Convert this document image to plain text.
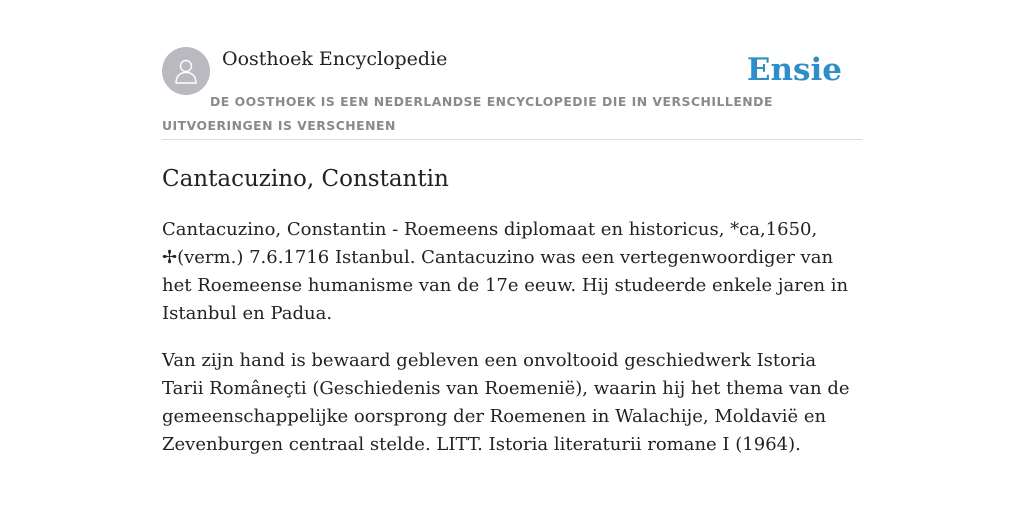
Oosthoek Encyclopedie	Ensie
DE OOSTHOEK IS EEN NEDERLANDSE ENCYCLOPEDIE DIE IN VERSCHILLENDE UITVOERINGEN IS VERSCHENEN
Cantacuzino, Constantin

Cantacuzino, Constantin - Roemeens diplomaat en historicus, *ca,1650, ✢(verm.) 7.6.1716 Istanbul. Cantacuzino was een vertegenwoordiger van het Roemeense humanisme van de 17e eeuw. Hij studeerde enkele jaren in Istanbul en Padua.

Van zijn hand is bewaard gebleven een onvoltooid geschiedwerk Istoria Tarii Româneçti (Geschiedenis van Roemenië), waarin hij het thema van de gemeenschappelijke oorsprong der Roemenen in Walachije, Moldavië en Zevenburgen centraal stelde. LITT. Istoria literaturii romane I (1964).
